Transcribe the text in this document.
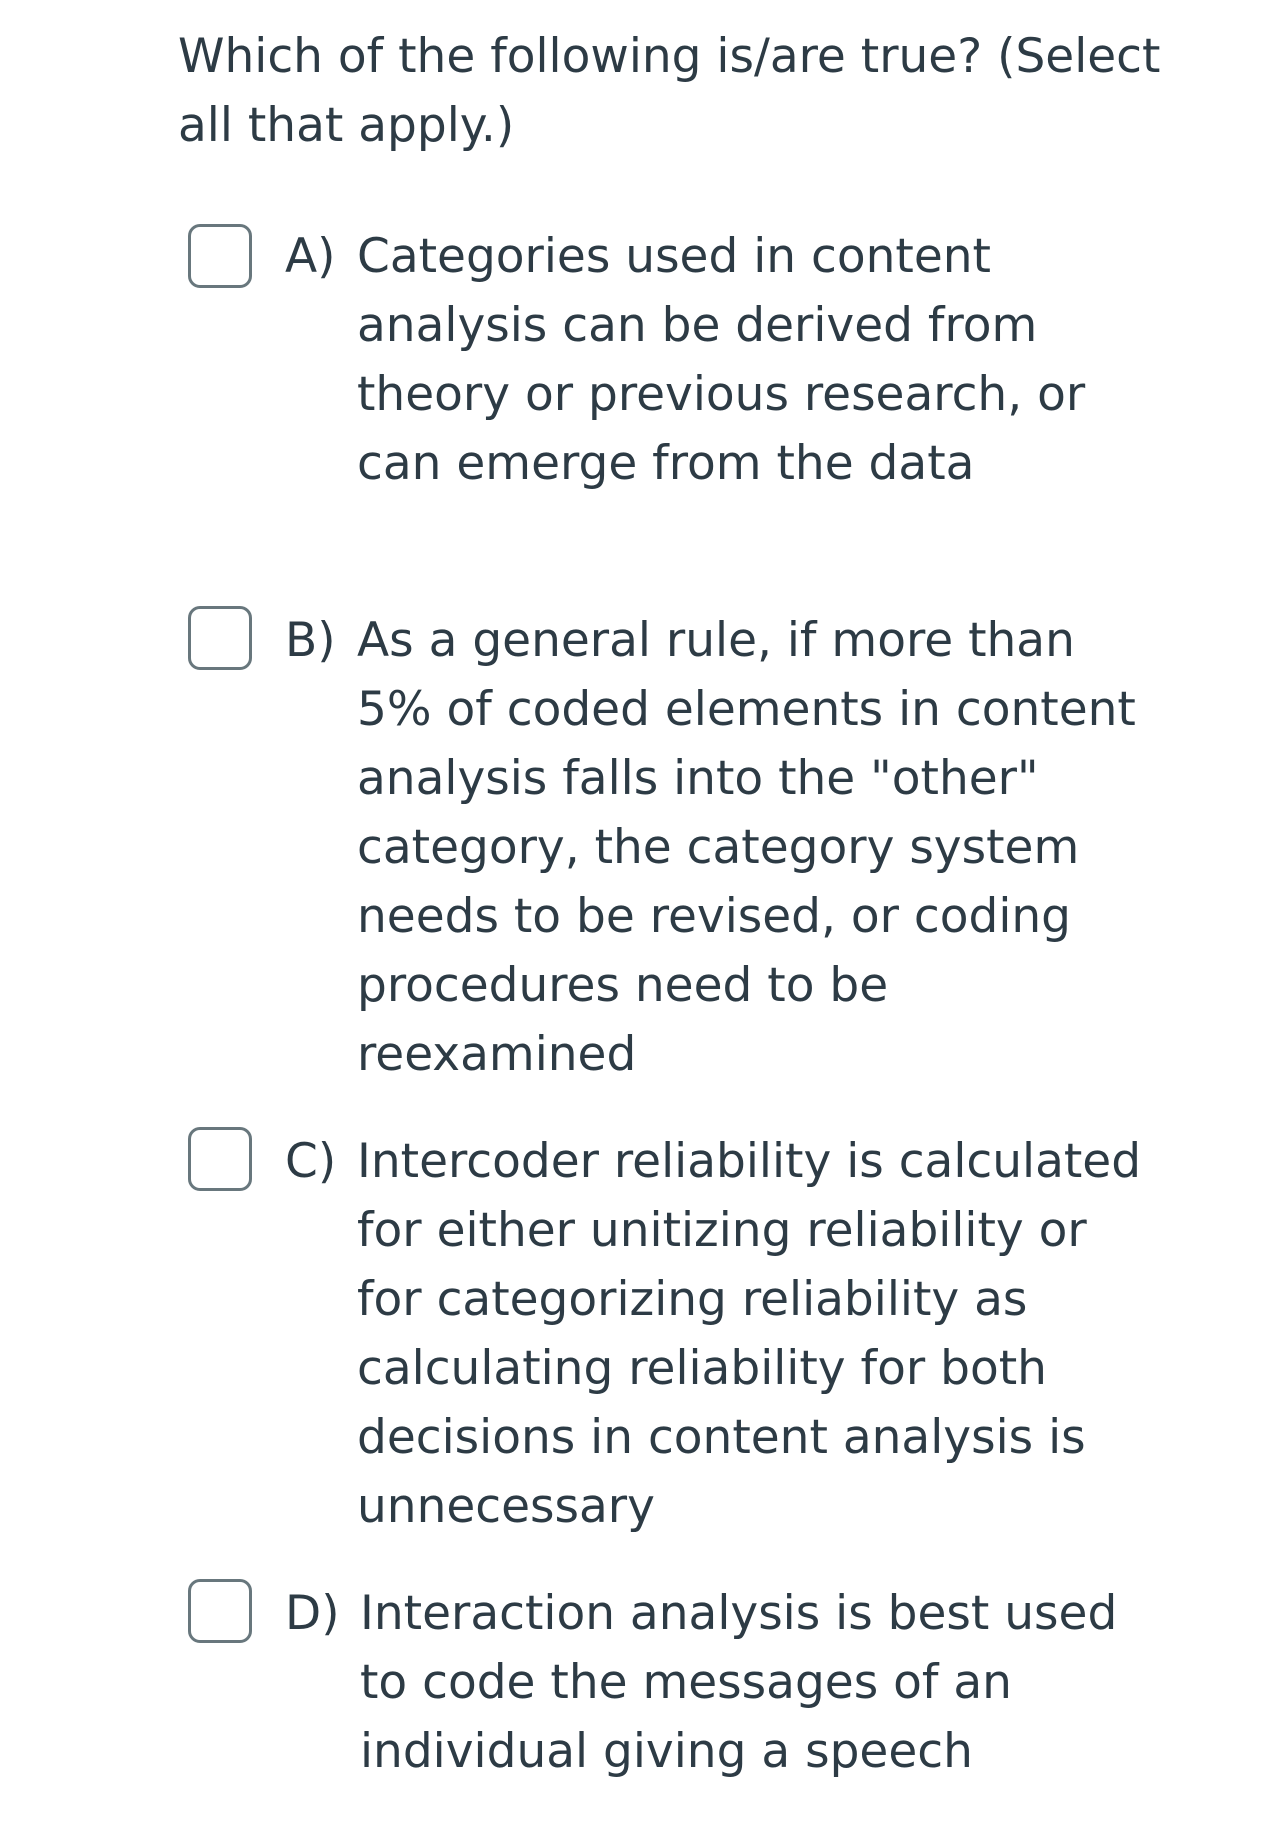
Which of the following is/are true? (Select all that apply.)
A) Categories used in content analysis can be derived from theory or previous research, or can emerge from the data
B) As a general rule, if more than 5% of coded elements in content analysis falls into the "other" category, the category system needs to be revised, or coding procedures need to be reexamined
C) Intercoder reliability is calculated for either unitizing reliability or for categorizing reliability as calculating reliability for both decisions in content analysis is unnecessary
D) Interaction analysis is best used to code the messages of an individual giving a speech
